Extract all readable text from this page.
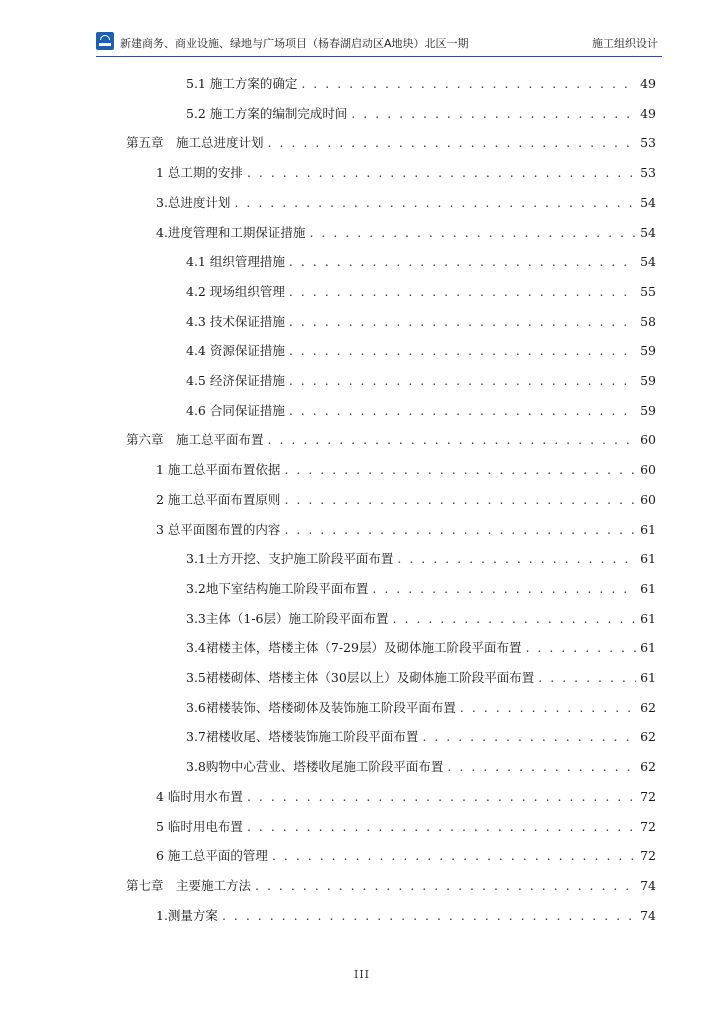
新建商务、商业设施、绿地与广场项目（杨春湖启动区A地块）北区一期	施工组织设计
5.1 施工方案的确定 . . .	49
5.2 施工方案的编制完成时间 . . .	49
第五章　施工总进度计划 . . .	53
1 总工期的安排 . . .	53
3.总进度计划 . . .	54
4.进度管理和工期保证措施 . . .	54
4.1 组织管理措施 . . .	54
4.2 现场组织管理 . . .	55
4.3 技术保证措施 . . .	58
4.4 资源保证措施 . . .	59
4.5 经济保证措施 . . .	59
4.6 合同保证措施 . . .	59
第六章　施工总平面布置 . . .	60
1 施工总平面布置依据 . . .	60
2 施工总平面布置原则 . . .	60
3 总平面图布置的内容 . . .	61
3.1土方开挖、支护施工阶段平面布置 . . .	61
3.2地下室结构施工阶段平面布置 . . .	61
3.3主体（1-6层）施工阶段平面布置 . . .	61
3.4裙楼主体，塔楼主体（7-29层）及砌体施工阶段平面布置 . . .	61
3.5裙楼砌体、塔楼主体（30层以上）及砌体施工阶段平面布置 . . .	61
3.6裙楼装饰、塔楼砌体及装饰施工阶段平面布置 . . .	62
3.7裙楼收尾、塔楼装饰施工阶段平面布置 . . .	62
3.8购物中心营业、塔楼收尾施工阶段平面布置 . . .	62
4 临时用水布置 . . .	72
5 临时用电布置 . . .	72
6 施工总平面的管理 . . .	72
第七章　主要施工方法 . . .	74
1.测量方案 . . .	74
III
